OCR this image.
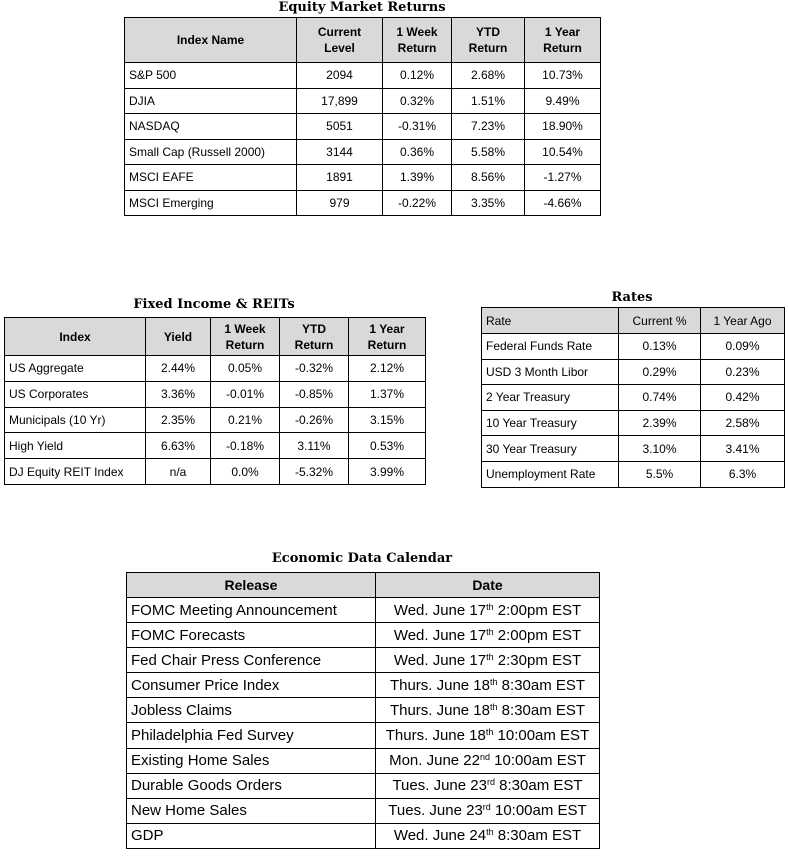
Equity Market Returns
Index Name	Current Level	1 Week Return	YTD Return	1 Year Return
S&P 500	2094	0.12%	2.68%	10.73%
DJIA	17,899	0.32%	1.51%	9.49%
NASDAQ	5051	-0.31%	7.23%	18.90%
Small Cap (Russell 2000)	3144	0.36%	5.58%	10.54%
MSCI EAFE	1891	1.39%	8.56%	-1.27%
MSCI Emerging	979	-0.22%	3.35%	-4.66%
Fixed Income & REITs
Index	Yield	1 Week Return	YTD Return	1 Year Return
US Aggregate	2.44%	0.05%	-0.32%	2.12%
US Corporates	3.36%	-0.01%	-0.85%	1.37%
Municipals (10 Yr)	2.35%	0.21%	-0.26%	3.15%
High Yield	6.63%	-0.18%	3.11%	0.53%
DJ Equity REIT Index	n/a	0.0%	-5.32%	3.99%
Rates
Rate	Current %	1 Year Ago
Federal Funds Rate	0.13%	0.09%
USD 3 Month Libor	0.29%	0.23%
2 Year Treasury	0.74%	0.42%
10 Year Treasury	2.39%	2.58%
30 Year Treasury	3.10%	3.41%
Unemployment Rate	5.5%	6.3%
Economic Data Calendar
Release	Date
FOMC Meeting Announcement	Wed. June 17th 2:00pm EST
FOMC Forecasts	Wed. June 17th 2:00pm EST
Fed Chair Press Conference	Wed. June 17th 2:30pm EST
Consumer Price Index	Thurs. June 18th 8:30am EST
Jobless Claims	Thurs. June 18th 8:30am EST
Philadelphia Fed Survey	Thurs. June 18th 10:00am EST
Existing Home Sales	Mon. June 22nd 10:00am EST
Durable Goods Orders	Tues. June 23rd 8:30am EST
New Home Sales	Tues. June 23rd 10:00am EST
GDP	Wed. June 24th 8:30am EST
